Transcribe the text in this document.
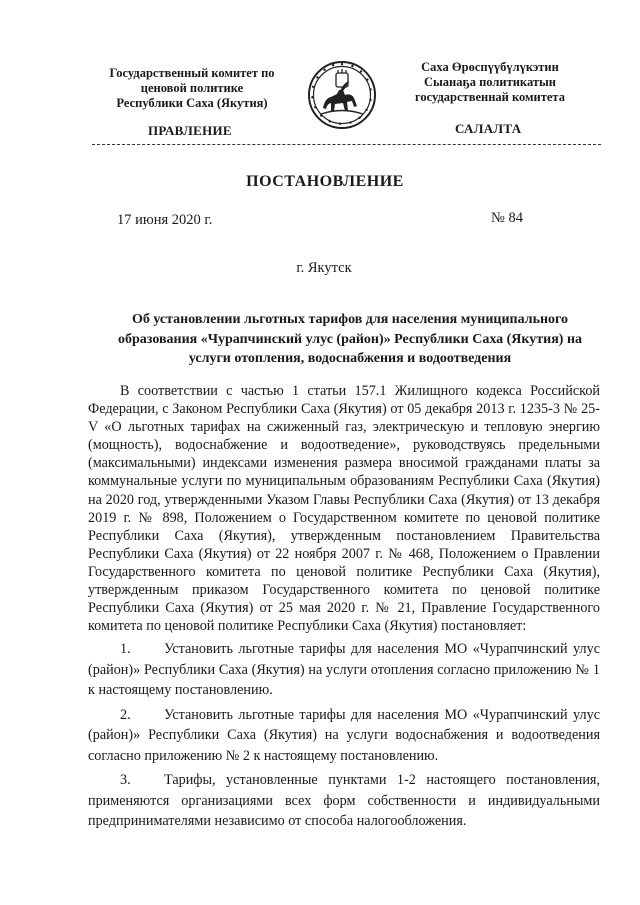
Государственный комитет по
ценовой политике
Республики Саха (Якутия)
Саха Өрөспүүбүлүкэтин
Сыанаҕа политикатын
государственнай комитета
ПРАВЛЕНИЕ	САЛАЛТА
ПОСТАНОВЛЕНИЕ
17 июня 2020 г.	№ 84
г. Якутск
Об установлении льготных тарифов для населения муниципального образования «Чурапчинский улус (район)» Республики Саха (Якутия) на услуги отопления, водоснабжения и водоотведения

В соответствии с частью 1 статьи 157.1 Жилищного кодекса Российской Федерации, с Законом Республики Саха (Якутия) от 05 декабря 2013 г. 1235-3 № 25-V «О льготных тарифах на сжиженный газ, электрическую и тепловую энергию (мощность), водоснабжение и водоотведение», руководствуясь предельными (максимальными) индексами изменения размера вносимой гражданами платы за коммунальные услуги по муниципальным образованиям Республики Саха (Якутия) на 2020 год, утвержденными Указом Главы Республики Саха (Якутия) от 13 декабря 2019 г. № 898, Положением о Государственном комитете по ценовой политике Республики Саха (Якутия), утвержденным постановлением Правительства Республики Саха (Якутия) от 22 ноября 2007 г. № 468, Положением о Правлении Государственного комитета по ценовой политике Республики Саха (Якутия), утвержденным приказом Государственного комитета по ценовой политике Республики Саха (Якутия) от 25 мая 2020 г. № 21, Правление Государственного комитета по ценовой политике Республики Саха (Якутия) постановляет:

1. Установить льготные тарифы для населения МО «Чурапчинский улус (район)» Республики Саха (Якутия) на услуги отопления согласно приложению № 1 к настоящему постановлению.

2. Установить льготные тарифы для населения МО «Чурапчинский улус (район)» Республики Саха (Якутия) на услуги водоснабжения и водоотведения согласно приложению № 2 к настоящему постановлению.

3. Тарифы, установленные пунктами 1-2 настоящего постановления, применяются организациями всех форм собственности и индивидуальными предпринимателями независимо от способа налогообложения.
